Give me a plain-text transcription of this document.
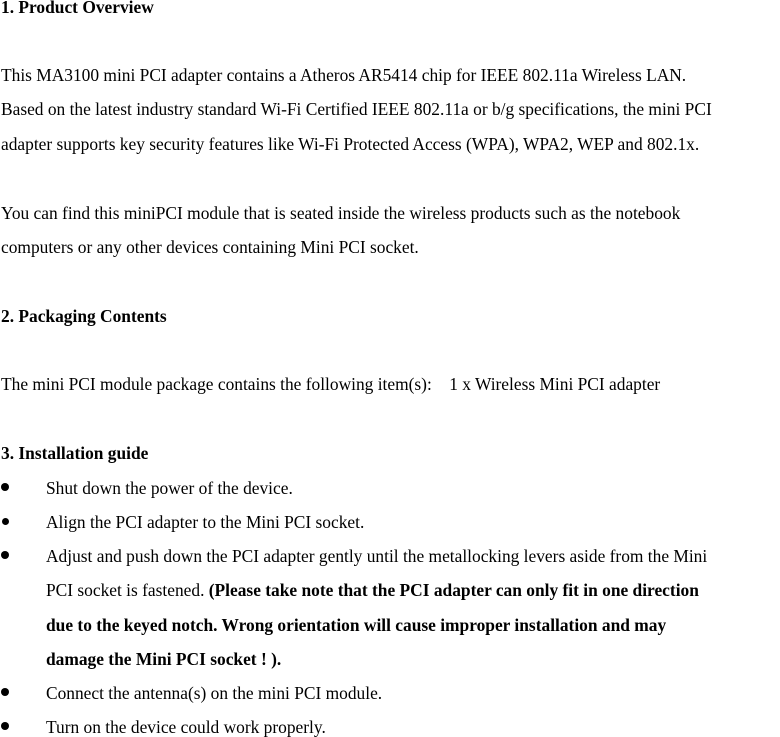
1. Product Overview
This MA3100 mini PCI adapter contains a Atheros AR5414 chip for IEEE 802.11a Wireless LAN.
Based on the latest industry standard Wi-Fi Certified IEEE 802.11a or b/g specifications, the mini PCI
adapter supports key security features like Wi-Fi Protected Access (WPA), WPA2, WEP and 802.1x.
You can find this miniPCI module that is seated inside the wireless products such as the notebook
computers or any other devices containing Mini PCI socket.
2. Packaging Contents
The mini PCI module package contains the following item(s):    1 x Wireless Mini PCI adapter
3. Installation guide
Shut down the power of the device.
Align the PCI adapter to the Mini PCI socket.
Adjust and push down the PCI adapter gently until the metallocking levers aside from the Mini
PCI socket is fastened. (Please take note that the PCI adapter can only fit in one direction
due to the keyed notch. Wrong orientation will cause improper installation and may
damage the Mini PCI socket ! ).
Connect the antenna(s) on the mini PCI module.
Turn on the device could work properly.
